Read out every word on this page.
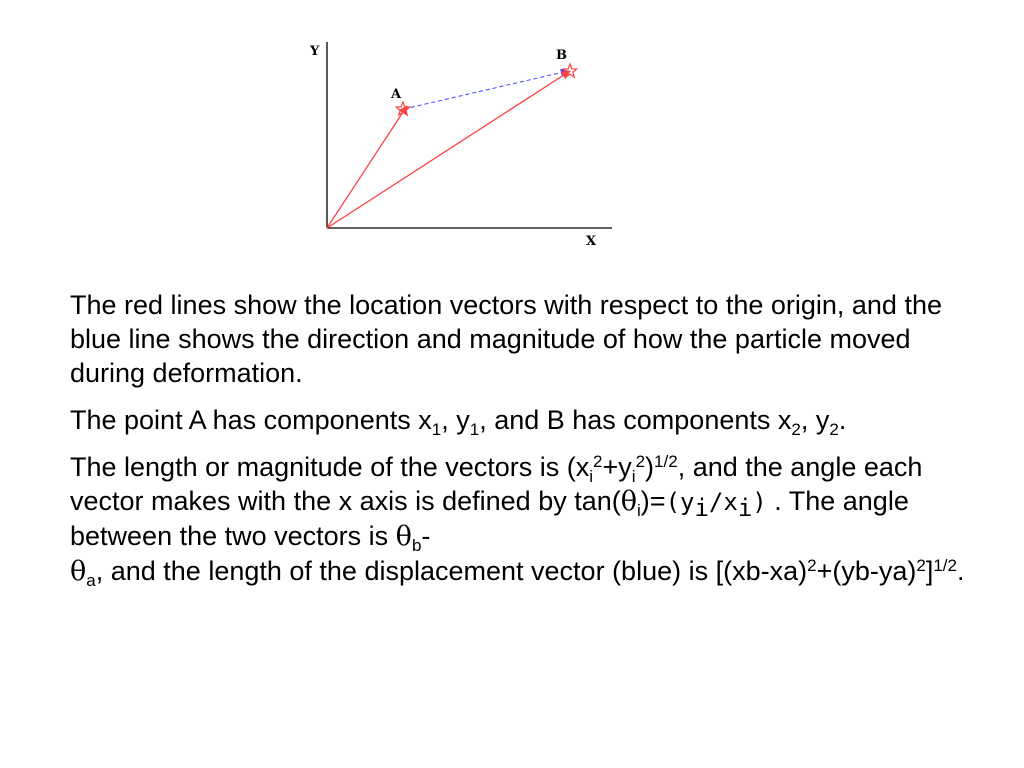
Y
X
A
B

The red lines show the location vectors with respect to the origin, and the blue line shows the direction and magnitude of how the particle moved during deformation.

The point A has components $x_1$, $y_1$, and B has components $x_2$, $y_2$.

The length or magnitude of the vectors is $(x_i^2+y_i^2)^{1/2}$, and the angle each vector makes with the x axis is defined by $\tan(\theta_i)=(y_i/x_i)$ . The angle between the two vectors is $\theta_b-$
$\theta_a$, and the length of the displacement vector (blue) is $[(xb-xa)^2+(yb-ya)^2]^{1/2}$.
